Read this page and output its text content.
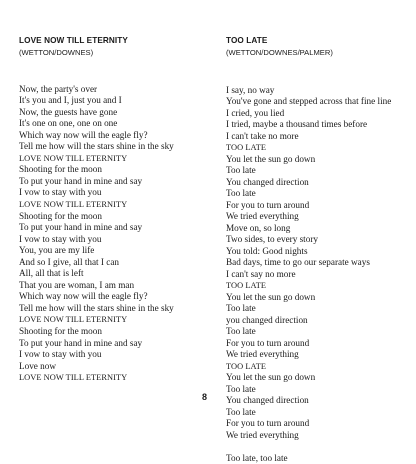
LOVE NOW TILL ETERNITY
(WETTON/DOWNES)
Now, the party's over
It's you and I, just you and I
Now, the guests have gone
It's one on one, one on one
Which way now will the eagle fly?
Tell me how will the stars shine in the sky
LOVE NOW TILL ETERNITY
Shooting for the moon
To put your hand in mine and say
I vow to stay with you
LOVE NOW TILL ETERNITY
Shooting for the moon
To put your hand in mine and say
I vow to stay with you
You, you are my life
And so I give, all that I can
All, all that is left
That you are woman, I am man
Which way now will the eagle fly?
Tell me how will the stars shine in the sky
LOVE NOW TILL ETERNITY
Shooting for the moon
To put your hand in mine and say
I vow to stay with you
Love now
LOVE NOW TILL ETERNITY
TOO LATE
(WETTON/DOWNES/PALMER)
I say, no way
You've gone and stepped across that fine line
I cried, you lied
I tried, maybe a thousand times before
I can't take no more
TOO LATE
You let the sun go down
Too late
You changed direction
Too late
For you to turn around
We tried everything
Move on, so long
Two sides, to every story
You told: Good nights
Bad days, time to go our separate ways
I can't say no more
TOO LATE
You let the sun go down
Too late
you changed direction
Too late
For you to turn around
We tried everything
TOO LATE
You let the sun go down
Too late
You changed direction
Too late
For you to turn around
We tried everything
Too late, too late
8
